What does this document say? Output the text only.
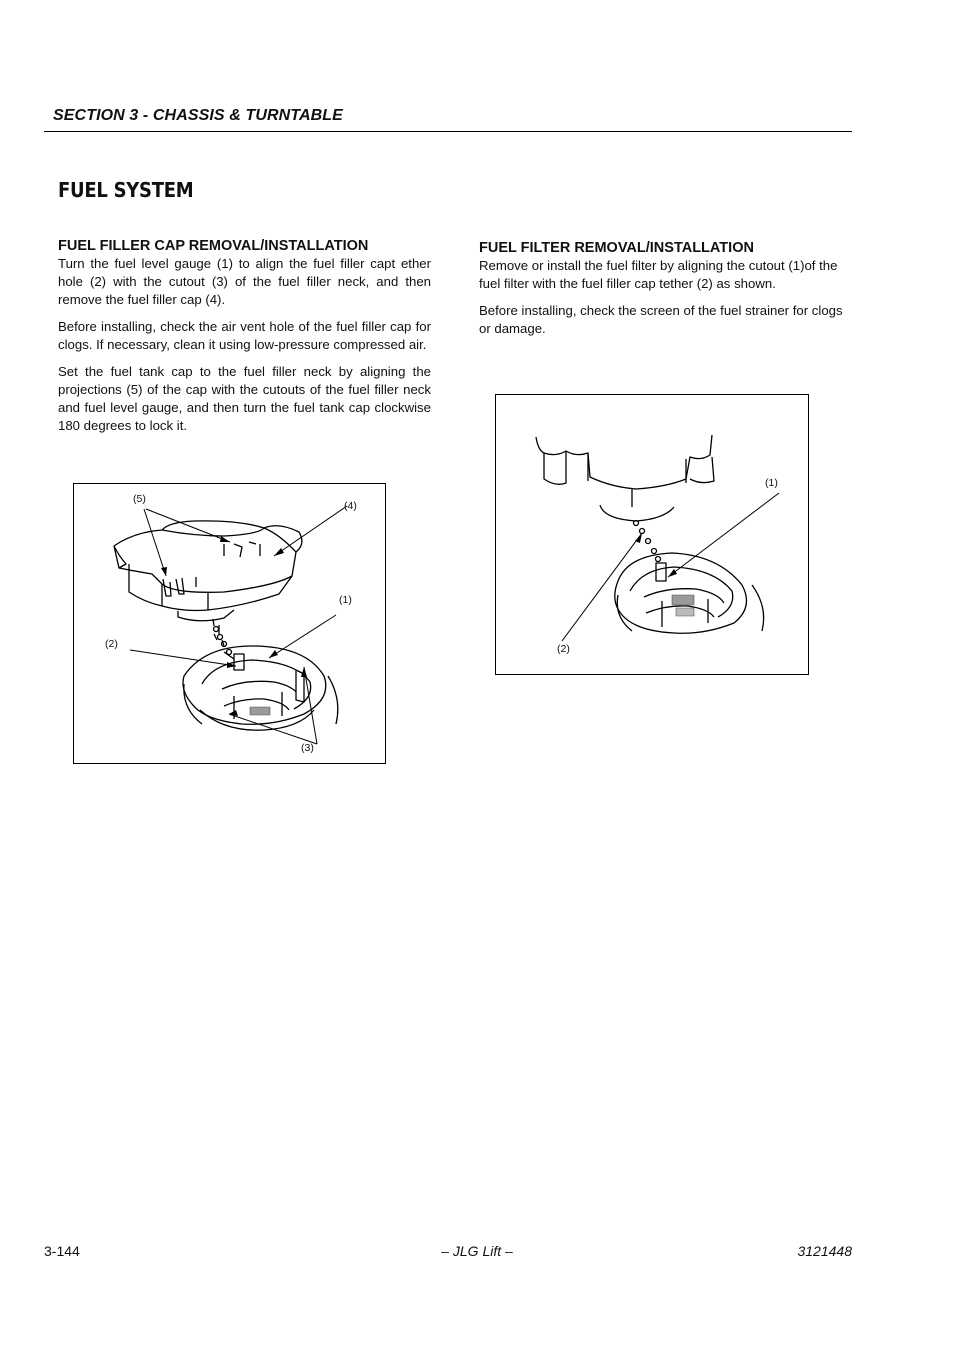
SECTION 3 - CHASSIS & TURNTABLE
FUEL SYSTEM
FUEL FILLER CAP REMOVAL/INSTALLATION

Turn the fuel level gauge (1) to align the fuel filler capt ether hole (2) with the cutout (3) of the fuel filler neck, and then remove the fuel filler cap (4).

Before installing, check the air vent hole of the fuel filler cap for clogs. If necessary, clean it using low-pressure compressed air.

Set the fuel tank cap to the fuel filler neck by aligning the projections (5) of the cap with the cutouts of the fuel filler neck and fuel level gauge, and then turn the fuel tank cap clockwise 180 degrees to lock it.

FUEL FILTER REMOVAL/INSTALLATION

Remove or install the fuel filter by aligning the cutout (1)of the fuel filter with the fuel filler cap tether (2) as shown.

Before installing, check the screen of the fuel strainer for clogs or damage.

(5)
(4)
(1)
(2)
(3)
(1)
(2)
3-144	– JLG Lift –	3121448
